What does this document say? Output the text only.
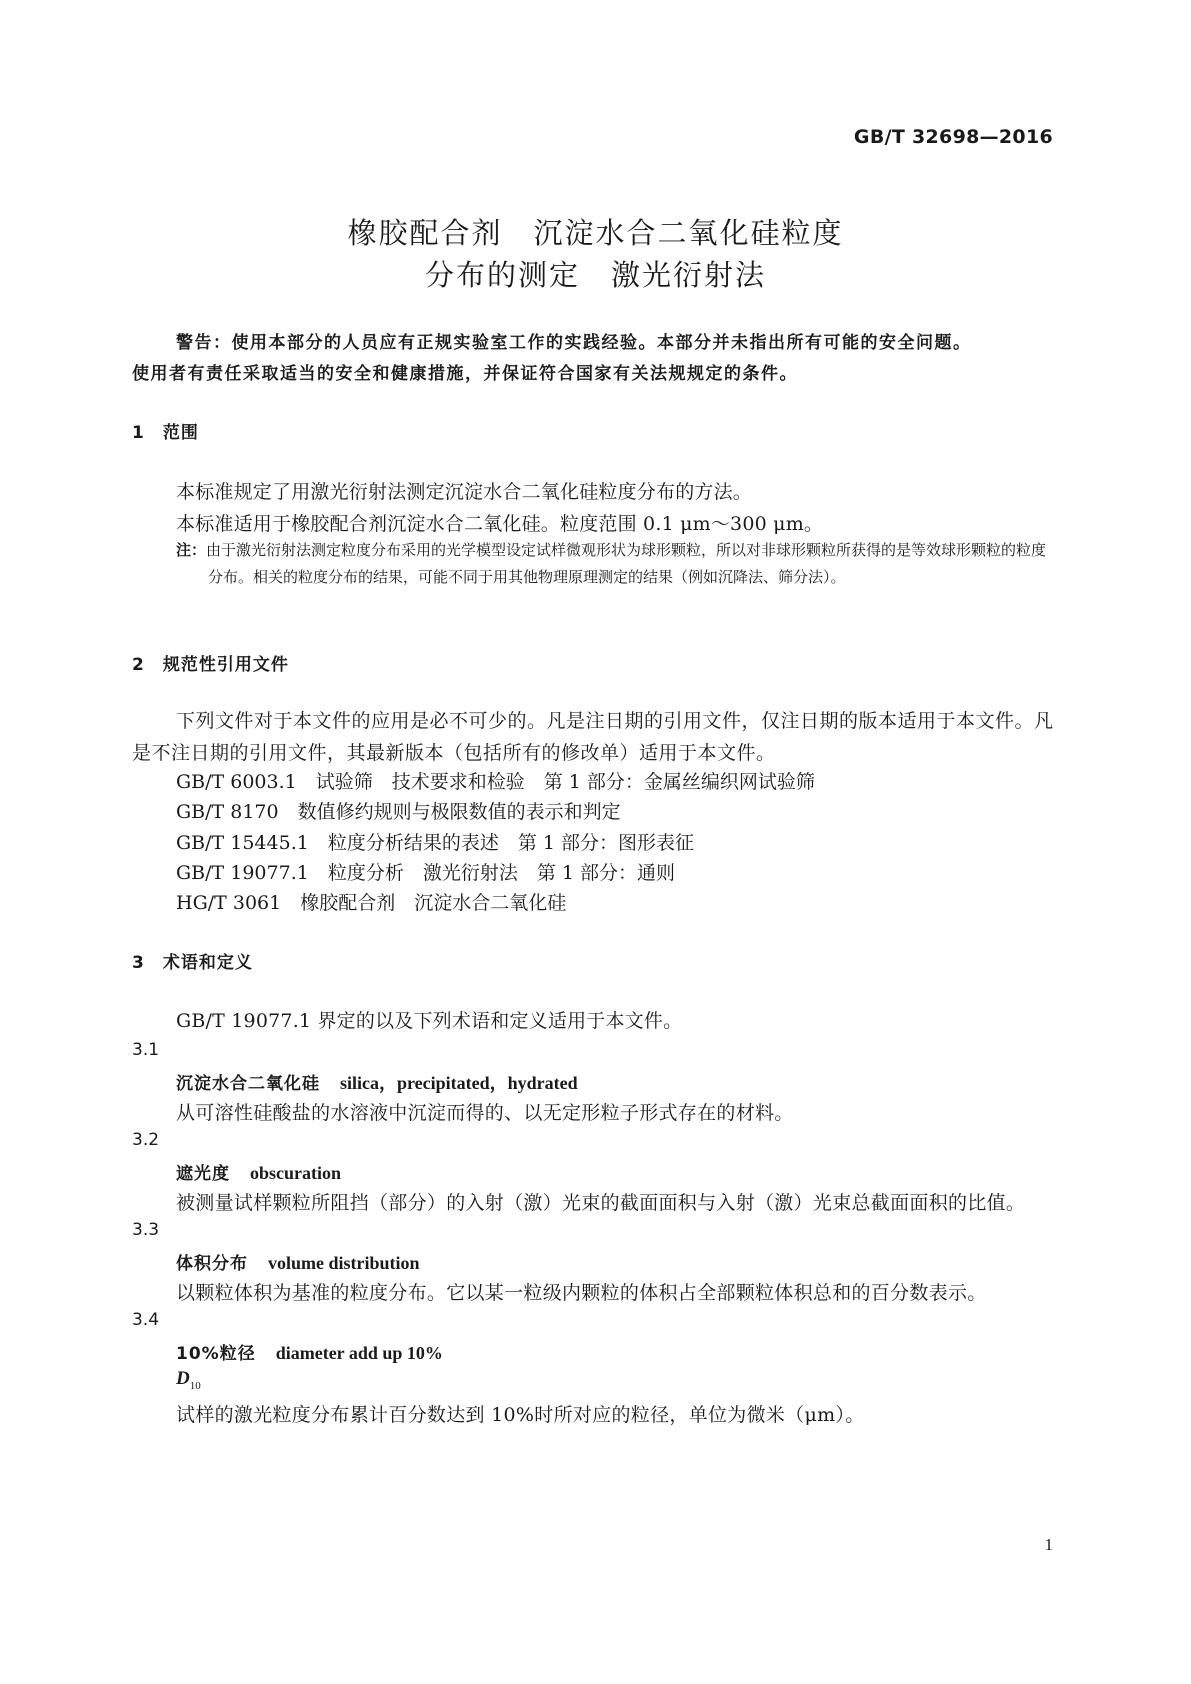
GB/T 32698—2016
橡胶配合剂　沉淀水合二氧化硅粒度
分布的测定　激光衍射法
警告：使用本部分的人员应有正规实验室工作的实践经验。本部分并未指出所有可能的安全问题。
使用者有责任采取适当的安全和健康措施，并保证符合国家有关法规规定的条件。
1　范围
本标准规定了用激光衍射法测定沉淀水合二氧化硅粒度分布的方法。
本标准适用于橡胶配合剂沉淀水合二氧化硅。粒度范围 0.1 μm～300 μm。
注：由于激光衍射法测定粒度分布采用的光学模型设定试样微观形状为球形颗粒，所以对非球形颗粒所获得的是等效球形颗粒的粒度分布。相关的粒度分布的结果，可能不同于用其他物理原理测定的结果（例如沉降法、筛分法）。
2　规范性引用文件
下列文件对于本文件的应用是必不可少的。凡是注日期的引用文件，仅注日期的版本适用于本文件。凡是不注日期的引用文件，其最新版本（包括所有的修改单）适用于本文件。
GB/T 6003.1　试验筛　技术要求和检验　第 1 部分：金属丝编织网试验筛
GB/T 8170　数值修约规则与极限数值的表示和判定
GB/T 15445.1　粒度分析结果的表述　第 1 部分：图形表征
GB/T 19077.1　粒度分析　激光衍射法　第 1 部分：通则
HG/T 3061　橡胶配合剂　沉淀水合二氧化硅
3　术语和定义
GB/T 19077.1 界定的以及下列术语和定义适用于本文件。
3.1
沉淀水合二氧化硅 silica，precipitated，hydrated
从可溶性硅酸盐的水溶液中沉淀而得的、以无定形粒子形式存在的材料。
3.2
遮光度 obscuration
被测量试样颗粒所阻挡（部分）的入射（激）光束的截面面积与入射（激）光束总截面面积的比值。
3.3
体积分布 volume distribution
以颗粒体积为基准的粒度分布。它以某一粒级内颗粒的体积占全部颗粒体积总和的百分数表示。
3.4
10%粒径 diameter add up 10%
$D_{10}$
试样的激光粒度分布累计百分数达到 10%时所对应的粒径，单位为微米（μm）。
1
